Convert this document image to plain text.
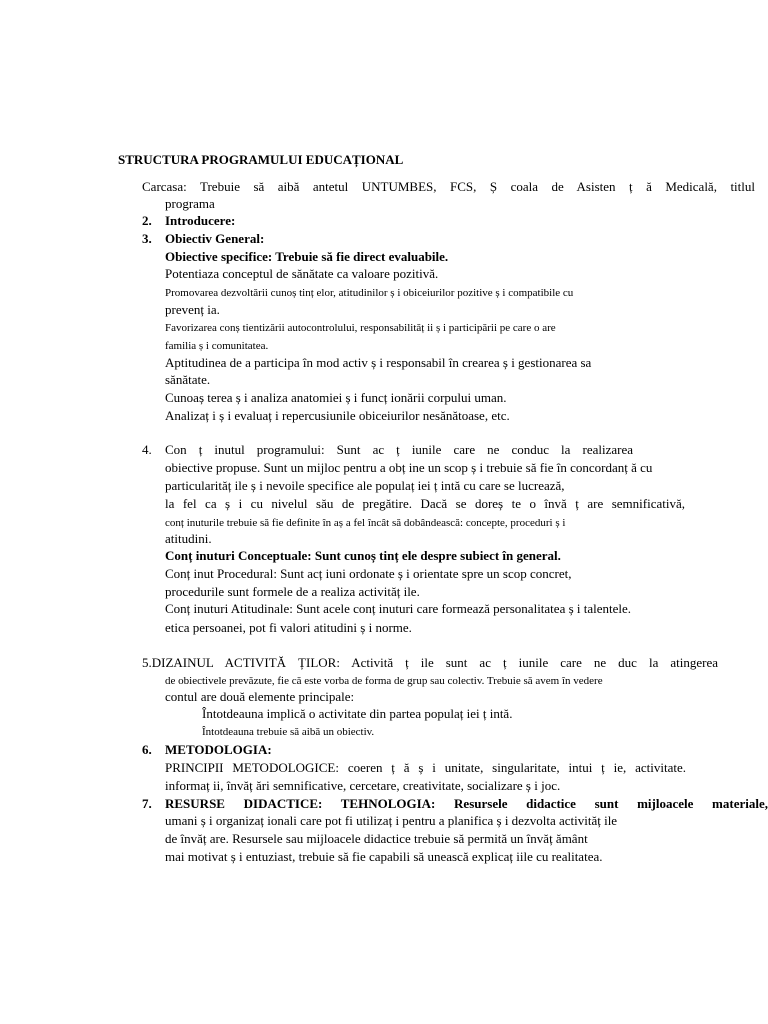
STRUCTURA PROGRAMULUI EDUCAȚIONAL
Carcasa: Trebuie să aibă antetul UNTUMBES, FCS, Ș coala de Asisten ț ă Medicală, titlul
programa
2. Introducere:
3. Obiectiv General:
Obiective specifice: Trebuie să fie direct evaluabile.
Potentiaza conceptul de sănătate ca valoare pozitivă.
Promovarea dezvoltării cunoș tinț elor, atitudinilor ș i obiceiurilor pozitive ș i compatibile cu
prevenț ia.
Favorizarea conș tientizării autocontrolului, responsabilităț ii ș i participării pe care o are
familia ș i comunitatea.
Aptitudinea de a participa în mod activ ș i responsabil în crearea ș i gestionarea sa
sănătate.
Cunoaș terea ș i analiza anatomiei ș i funcț ionării corpului uman.
Analizaț i ș i evaluaț i repercusiunile obiceiurilor nesănătoase, etc.
4. Con ț inutul programului: Sunt ac ț iunile care ne conduc la realizarea
obiective propuse. Sunt un mijloc pentru a obț ine un scop ș i trebuie să fie în concordanț ă cu
particularităț ile ș i nevoile specifice ale populaț iei ț intă cu care se lucrează,
la fel ca ș i cu nivelul său de pregătire. Dacă se doreș te o învă ț are semnificativă,
conț inuturile trebuie să fie definite în aș a fel încât să dobândească: concepte, proceduri ș i
atitudini.
Conț inuturi Conceptuale: Sunt cunoș tinț ele despre subiect în general.
Conț inut Procedural: Sunt acț iuni ordonate ș i orientate spre un scop concret,
procedurile sunt formele de a realiza activităț ile.
Conț inuturi Atitudinale: Sunt acele conț inuturi care formează personalitatea ș i talentele.
etica persoanei, pot fi valori atitudini ș i norme.
5.DIZAINUL ACTIVITĂ ȚILOR: Activită ț ile sunt ac ț iunile care ne duc la atingerea
de obiectivele prevăzute, fie că este vorba de forma de grup sau colectiv. Trebuie să avem în vedere
contul are două elemente principale:
Întotdeauna implică o activitate din partea populaț iei ț intă.
Întotdeauna trebuie să aibă un obiectiv.
6. METODOLOGIA:
PRINCIPII METODOLOGICE: coeren ț ă ș i unitate, singularitate, intui ț ie, activitate.
informaț ii, învăț ări semnificative, cercetare, creativitate, socializare ș i joc.
7. RESURSE DIDACTICE: TEHNOLOGIA: Resursele didactice sunt mijloacele materiale,
umani ș i organizaț ionali care pot fi utilizaț i pentru a planifica ș i dezvolta activităț ile
de învăț are. Resursele sau mijloacele didactice trebuie să permită un învăț ământ
mai motivat ș i entuziast, trebuie să fie capabili să unească explicaț iile cu realitatea.
